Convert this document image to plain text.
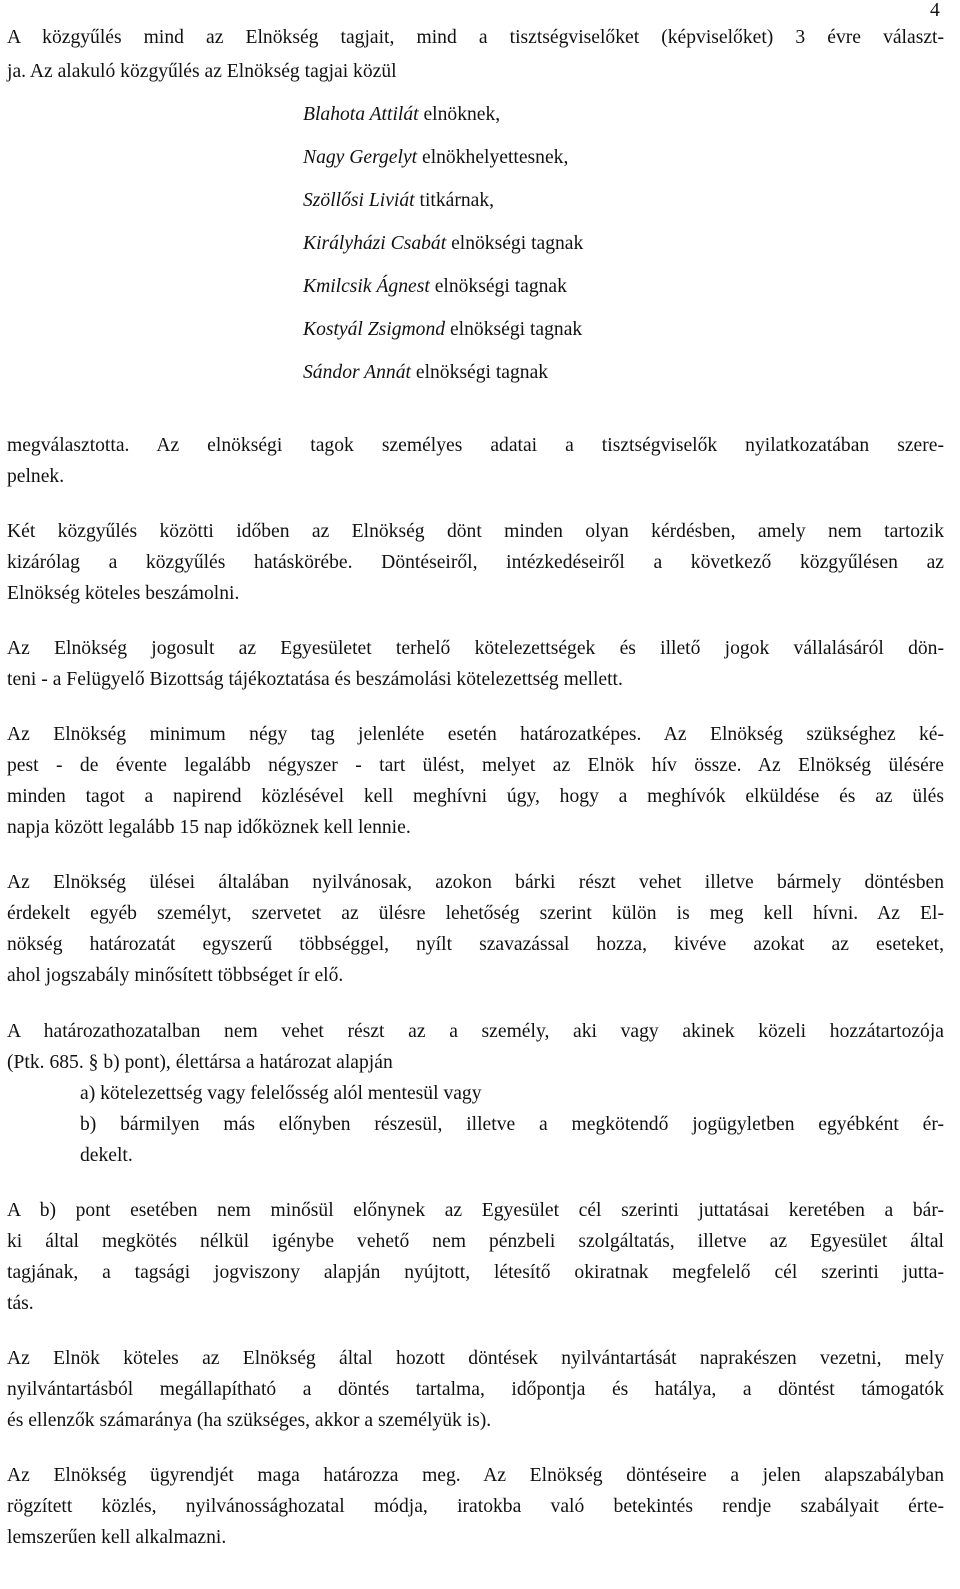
4
A közgyűlés mind az Elnökség tagjait, mind a tisztségviselőket (képviselőket) 3 évre választ-
ja. Az alakuló közgyűlés az Elnökség tagjai közül
Blahota Attilát elnöknek,
Nagy Gergelyt elnökhelyettesnek,
Szöllősi Liviát titkárnak,
Királyházi Csabát elnökségi tagnak
Kmilcsik Ágnest elnökségi tagnak
Kostyál Zsigmond elnökségi tagnak
Sándor Annát elnökségi tagnak
megválasztotta. Az elnökségi tagok személyes adatai a tisztségviselők nyilatkozatában szere-
pelnek.
Két közgyűlés közötti időben az Elnökség dönt minden olyan kérdésben, amely nem tartozik
kizárólag a közgyűlés hatáskörébe. Döntéseiről, intézkedéseiről a következő közgyűlésen az
Elnökség köteles beszámolni.
Az Elnökség jogosult az Egyesületet terhelő kötelezettségek és illető jogok vállalásáról dön-
teni - a Felügyelő Bizottság tájékoztatása és beszámolási kötelezettség mellett.
Az Elnökség minimum négy tag jelenléte esetén határozatképes. Az Elnökség szükséghez ké-
pest - de évente legalább négyszer - tart ülést, melyet az Elnök hív össze. Az Elnökség ülésére
minden tagot a napirend közlésével kell meghívni úgy, hogy a meghívók elküldése és az ülés
napja között legalább 15 nap időköznek kell lennie.
Az Elnökség ülései általában nyilvánosak, azokon bárki részt vehet illetve bármely döntésben
érdekelt egyéb személyt, szervetet az ülésre lehetőség szerint külön is meg kell hívni. Az El-
nökség határozatát egyszerű többséggel, nyílt szavazással hozza, kivéve azokat az eseteket,
ahol jogszabály minősített többséget ír elő.
A határozathozatalban nem vehet részt az a személy, aki vagy akinek közeli hozzátartozója
(Ptk. 685. § b) pont), élettársa a határozat alapján
a) kötelezettség vagy felelősség alól mentesül vagy
b) bármilyen más előnyben részesül, illetve a megkötendő jogügyletben egyébként ér-
dekelt.
A b) pont esetében nem minősül előnynek az Egyesület cél szerinti juttatásai keretében a bár-
ki által megkötés nélkül igénybe vehető nem pénzbeli szolgáltatás, illetve az Egyesület által
tagjának, a tagsági jogviszony alapján nyújtott, létesítő okiratnak megfelelő cél szerinti jutta-
tás.
Az Elnök köteles az Elnökség által hozott döntések nyilvántartását naprakészen vezetni, mely
nyilvántartásból megállapítható a döntés tartalma, időpontja és hatálya, a döntést támogatók
és ellenzők számaránya (ha szükséges, akkor a személyük is).
Az Elnökség ügyrendjét maga határozza meg. Az Elnökség döntéseire a jelen alapszabályban
rögzített közlés, nyilvánossághozatal módja, iratokba való betekintés rendje szabályait érte-
lemszerűen kell alkalmazni.
